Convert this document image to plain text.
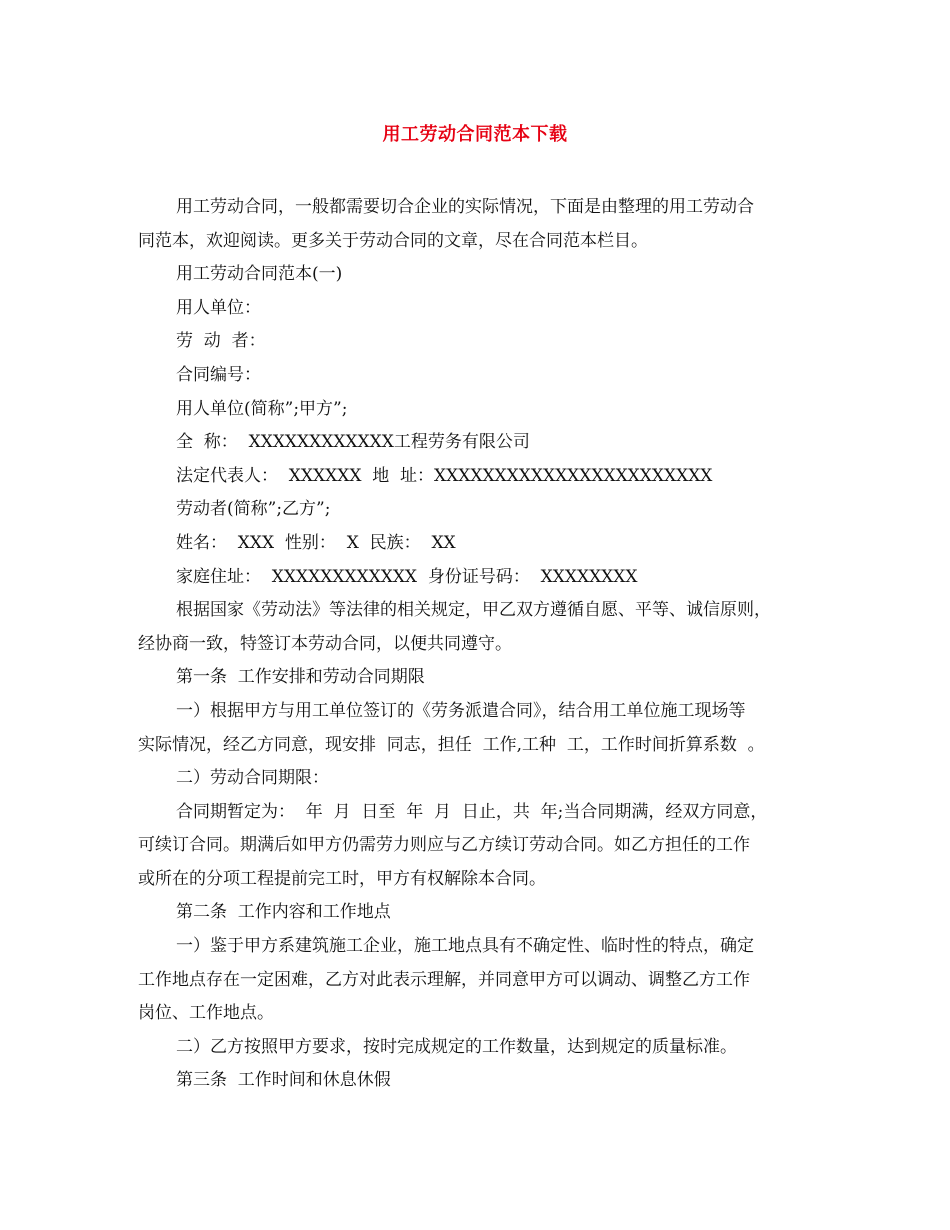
用工劳动合同范本下载

用工劳动合同，一般都需要切合企业的实际情况，下面是由整理的用工劳动合
同范本，欢迎阅读。更多关于劳动合同的文章，尽在合同范本栏目。

用工劳动合同范本(一)

用人单位：

劳  动  者：

合同编号：

用人单位(简称”;甲方”;

全  称：  XXXXXXXXXXXX工程劳务有限公司

法定代表人：  XXXXXX  地  址：XXXXXXXXXXXXXXXXXXXXXXX

劳动者(简称”;乙方”;

姓名：  XXX  性别：  X  民族：  XX

家庭住址：  XXXXXXXXXXXX  身份证号码：  XXXXXXXX

根据国家《劳动法》等法律的相关规定，甲乙双方遵循自愿、平等、诚信原则，
经协商一致，特签订本劳动合同，以便共同遵守。

第一条  工作安排和劳动合同期限

一）根据甲方与用工单位签订的《劳务派遣合同》，结合用工单位施工现场等
实际情况，经乙方同意，现安排  同志，担任  工作,工种  工，工作时间折算系数  。

二）劳动合同期限：

合同期暂定为：  年  月  日至  年  月  日止，共  年;当合同期满，经双方同意，
可续订合同。期满后如甲方仍需劳力则应与乙方续订劳动合同。如乙方担任的工作
或所在的分项工程提前完工时，甲方有权解除本合同。

第二条  工作内容和工作地点

一）鉴于甲方系建筑施工企业，施工地点具有不确定性、临时性的特点，确定
工作地点存在一定困难，乙方对此表示理解，并同意甲方可以调动、调整乙方工作
岗位、工作地点。

二）乙方按照甲方要求，按时完成规定的工作数量，达到规定的质量标准。

第三条  工作时间和休息休假
